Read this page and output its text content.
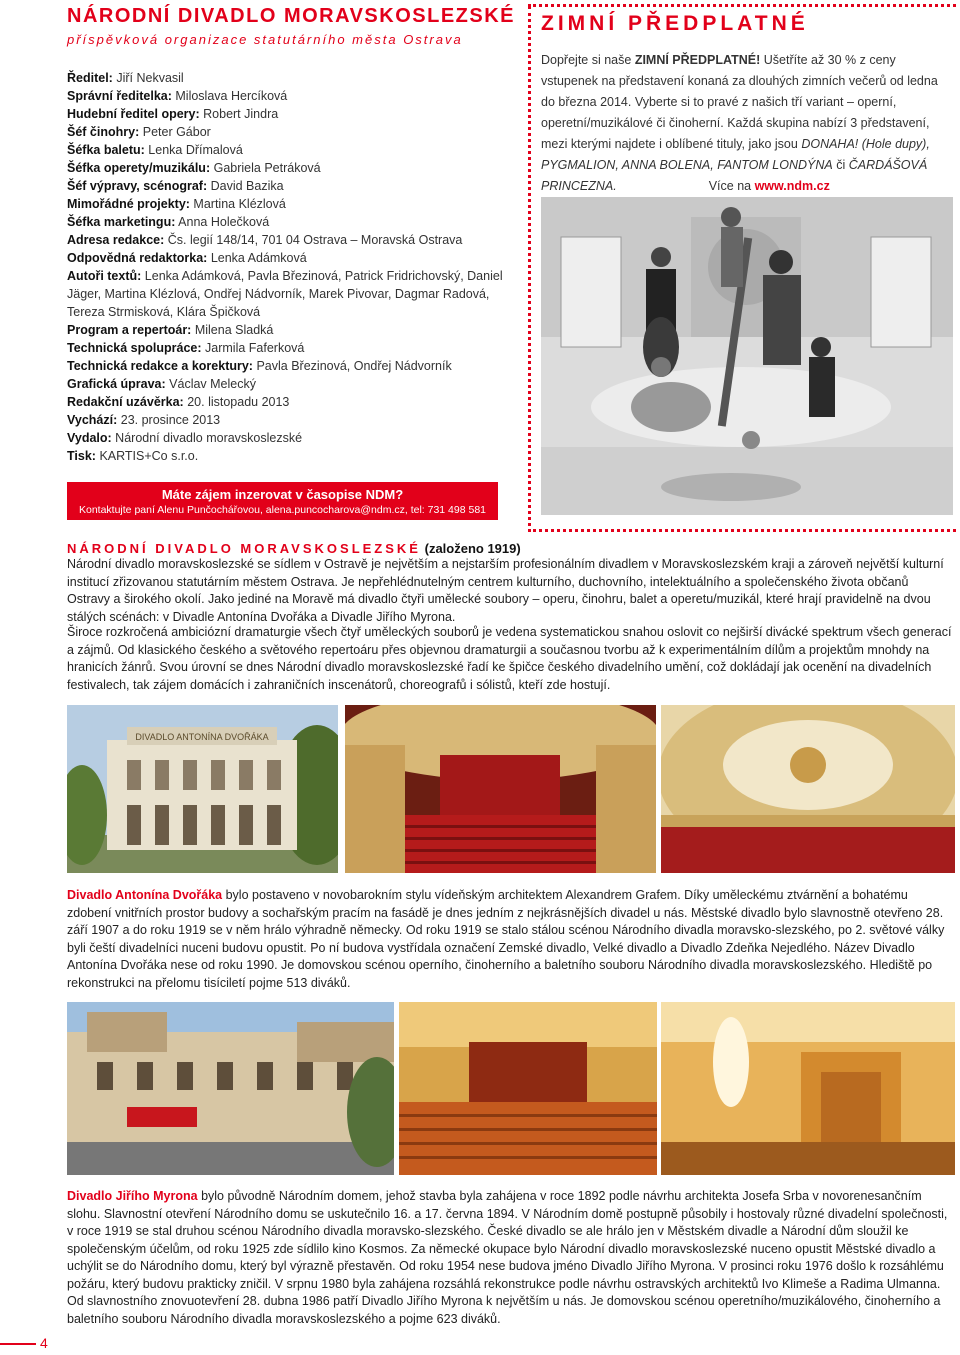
NÁRODNÍ DIVADLO MORAVSKOSLEZSKÉ
příspěvková organizace statutárního města Ostrava
Ředitel: Jiří Nekvasil
Správní ředitelka: Miloslava Hercíková
Hudební ředitel opery: Robert Jindra
Šéf činohry: Peter Gábor
Šéfka baletu: Lenka Dřímalová
Šéfka operety/muzikálu: Gabriela Petráková
Šéf výpravy, scénograf: David Bazika
Mimořádné projekty: Martina Klézlová
Šéfka marketingu: Anna Holečková
Adresa redakce: Čs. legií 148/14, 701 04 Ostrava – Moravská Ostrava
Odpovědná redaktorka: Lenka Adámková
Autoři textů: Lenka Adámková, Pavla Březinová, Patrick Fridrichovský, Daniel Jäger, Martina Klézlová, Ondřej Nádvorník, Marek Pivovar, Dagmar Radová, Tereza Strmisková, Klára Špičková
Program a repertoár: Milena Sladká
Technická spolupráce: Jarmila Faferková
Technická redakce a korektury: Pavla Březinová, Ondřej Nádvorník
Grafická úprava: Václav Melecký
Redakční uzávěrka: 20. listopadu 2013
Vychází: 23. prosince 2013
Vydalo: Národní divadlo moravskoslezské
Tisk: KARTIS+Co s.r.o.
Máte zájem inzerovat v časopise NDM?
Kontaktujte paní Alenu Punčochářovou, alena.puncocharova@ndm.cz, tel: 731 498 581
ZIMNÍ PŘEDPLATNÉ
Dopřejte si naše ZIMNÍ PŘEDPLATNÉ! Ušetříte až 30 % z ceny vstupenek na představení konaná za dlouhých zimních večerů od ledna do března 2014. Vyberte si to pravé z našich tří variant – operní, operetní/muzikálové či činoherní. Každá skupina nabízí 3 představení, mezi kterými najdete i oblíbené tituly, jako jsou DONAHA! (Hole dupy), PYGMALION, ANNA BOLENA, FANTOM LONDÝNA či ČARDÁŠOVÁ PRINCEZNA.	Více na www.ndm.cz
NÁRODNÍ DIVADLO MORAVSKOSLEZSKÉ (založeno 1919)
Národní divadlo moravskoslezské se sídlem v Ostravě je největším a nejstarším profesionálním divadlem v Moravskoslezském kraji a zároveň největší kulturní institucí zřizovanou statutárním městem Ostrava. Je nepřehlédnutelným centrem kulturního, duchovního, intelektuálního a společenského života občanů Ostravy a širokého okolí. Jako jediné na Moravě má divadlo čtyři umělecké soubory – operu, činohru, balet a operetu/muzikál, které hrají pravidelně na dvou stálých scénách: v Divadle Antonína Dvořáka a Divadle Jiřího Myrona.
Široce rozkročená ambiciózní dramaturgie všech čtyř uměleckých souborů je vedena systematickou snahou oslovit co nejširší divácké spektrum všech generací a zájmů. Od klasického českého a světového repertoáru přes objevnou dramaturgii a současnou tvorbu až k experimentálním dílům a projektům mnohdy na hranicích žánrů. Svou úrovní se dnes Národní divadlo moravskoslezské řadí ke špičce českého divadelního umění, což dokládají jak ocenění na divadelních festivalech, tak zájem domácích i zahraničních inscenátorů, choreografů i sólistů, kteří zde hostují.
DIVADLO ANTONÍNA DVOŘÁKA
Divadlo Antonína Dvořáka bylo postaveno v novobarokním stylu vídeňským architektem Alexandrem Grafem. Díky uměleckému ztvárnění a bohatému zdobení vnitřních prostor budovy a sochařským pracím na fasádě je dnes jedním z nejkrásnějších divadel u nás. Městské divadlo bylo slavnostně otevřeno 28. září 1907 a do roku 1919 se v něm hrálo výhradně německy. Od roku 1919 se stalo stálou scénou Národního divadla moravsko-slezského, po 2. světové války byli čeští divadelníci nuceni budovu opustit. Po ní budova vystřídala označení Zemské divadlo, Velké divadlo a Divadlo Zdeňka Nejedlého. Název Divadlo Antonína Dvořáka nese od roku 1990. Je domovskou scénou operního, činoherního a baletního souboru Národního divadla moravskoslezského. Hlediště po rekonstrukci na přelomu tisíciletí pojme 513 diváků.
Divadlo Jiřího Myrona bylo původně Národním domem, jehož stavba byla zahájena v roce 1892 podle návrhu architekta Josefa Srba v novorenesančním slohu. Slavnostní otevření Národního domu se uskutečnilo 16. a 17. června 1894. V Národním domě postupně působily i hostovaly různé divadelní společnosti, v roce 1919 se stal druhou scénou Národního divadla moravsko-slezského. České divadlo se ale hrálo jen v Městském divadle a Národní dům sloužil ke společenským účelům, od roku 1925 zde sídlilo kino Kosmos. Za německé okupace bylo Národní divadlo moravskoslezské nuceno opustit Městské divadlo a uchýlit se do Národního domu, který byl výrazně přestavěn. Od roku 1954 nese budova jméno Divadlo Jiřího Myrona. V prosinci roku 1976 došlo k rozsáhlému požáru, který budovu prakticky zničil. V srpnu 1980 byla zahájena rozsáhlá rekonstrukce podle návrhu ostravských architektů Ivo Klimeše a Radima Ulmanna. Od slavnostního znovuotevření 28. dubna 1986 patří Divadlo Jiřího Myrona k největším u nás. Je domovskou scénou operetního/muzikálového, činoherního a baletního souboru Národního divadla moravskoslezského a pojme 623 diváků.
4
